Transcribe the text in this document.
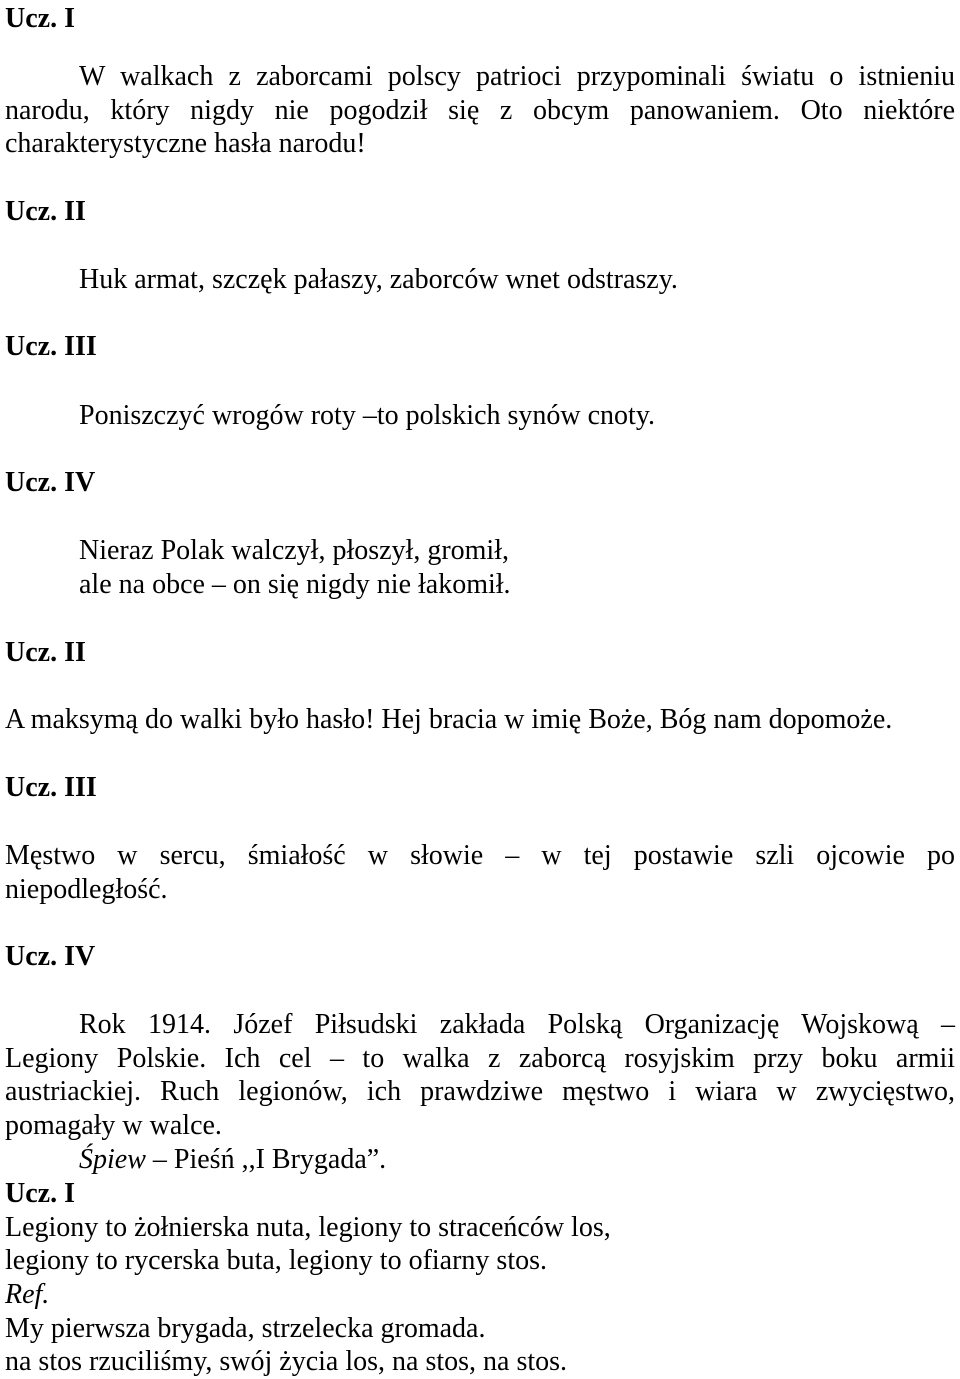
Ucz. I
W walkach z zaborcami polscy patrioci przypominali światu o istnieniu
narodu, który nigdy nie pogodził się z obcym panowaniem. Oto niektóre
charakterystyczne hasła narodu!
Ucz. II
Huk armat, szczęk pałaszy, zaborców wnet odstraszy.
Ucz. III
Poniszczyć wrogów roty –to polskich synów cnoty.
Ucz. IV
Nieraz Polak walczył, płoszył, gromił,
ale na obce – on się nigdy nie łakomił.
Ucz. II
A maksymą do walki było hasło! Hej bracia w imię Boże, Bóg nam dopomoże.
Ucz. III
Męstwo w sercu, śmiałość w słowie – w tej postawie szli ojcowie po
niepodległość.
Ucz. IV
Rok 1914. Józef Piłsudski zakłada Polską Organizację Wojskową –
Legiony Polskie. Ich cel – to walka z zaborcą rosyjskim przy boku armii
austriackiej. Ruch legionów, ich prawdziwe męstwo i wiara w zwycięstwo,
pomagały w walce.
Śpiew – Pieśń ,,I Brygada”.
Ucz. I
Legiony to żołnierska nuta, legiony to straceńców los,
legiony to rycerska buta, legiony to ofiarny stos.
Ref.
My pierwsza brygada, strzelecka gromada.
na stos rzuciliśmy, swój życia los, na stos, na stos.
